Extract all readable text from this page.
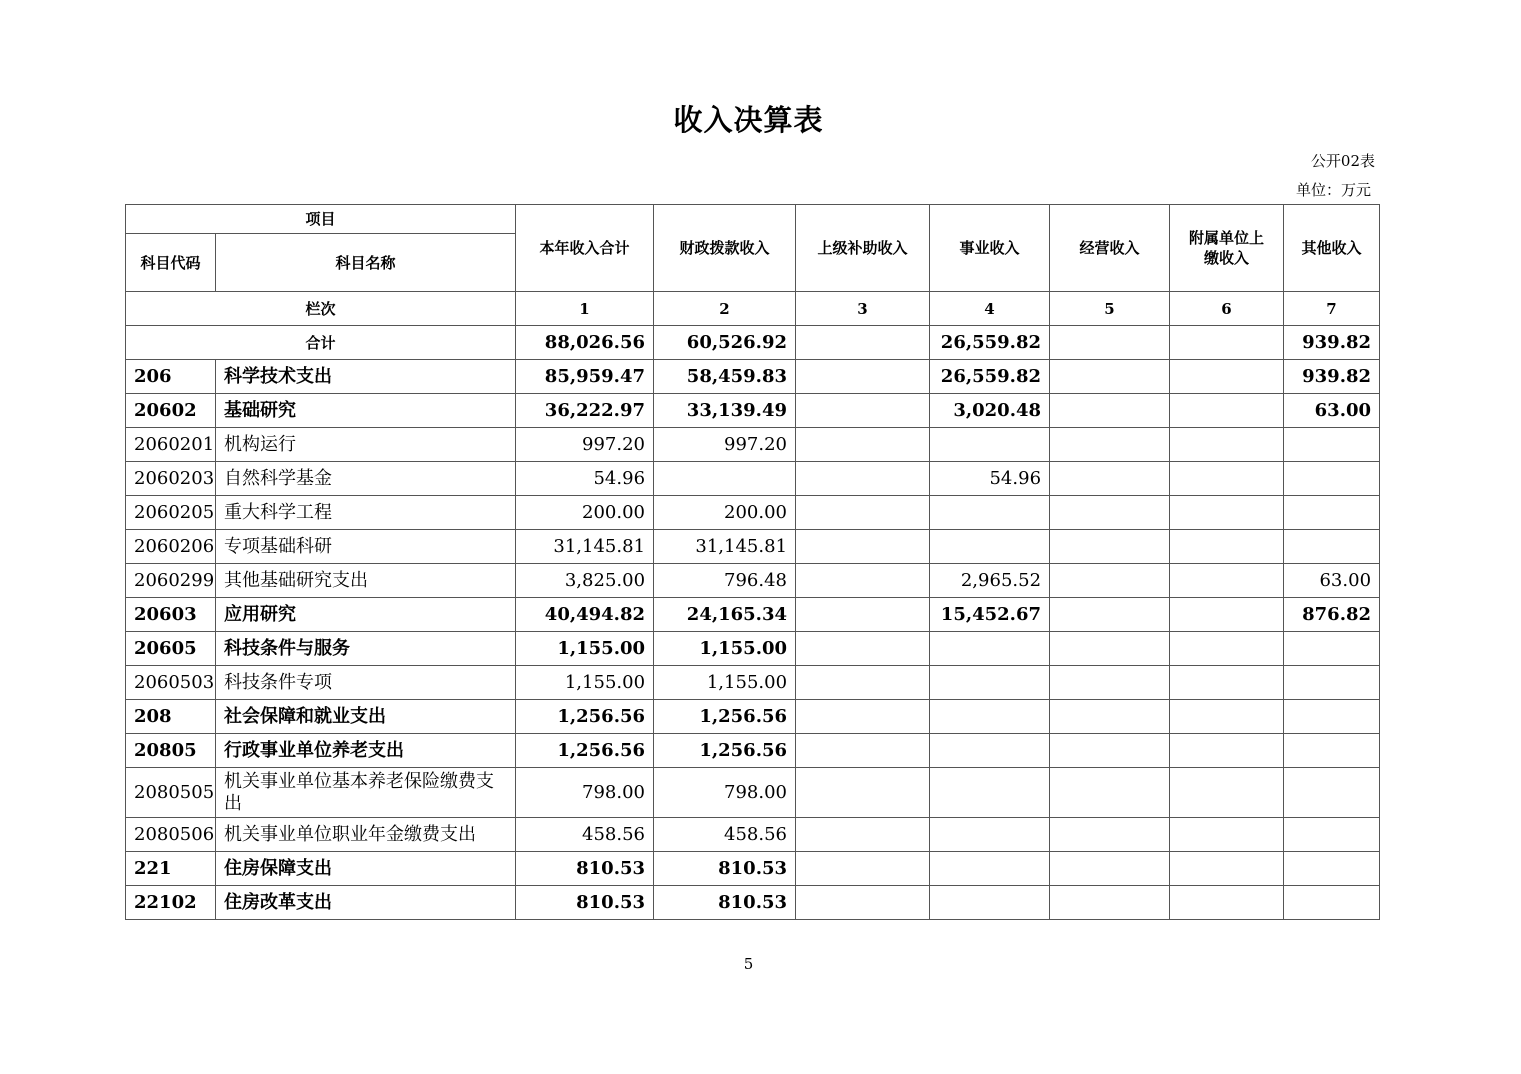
收入决算表
公开02表
单位：万元
项目		本年收入合计	财政拨款收入	上级补助收入	事业收入	经营收入	附属单位上缴收入	其他收入
科目代码	科目名称							
栏次		1	2	3	4	5	6	7
合计		88,026.56	60,526.92		26,559.82			939.82
206	科学技术支出	85,959.47	58,459.83		26,559.82			939.82
20602	基础研究	36,222.97	33,139.49		3,020.48			63.00
2060201	机构运行	997.20	997.20					
2060203	自然科学基金	54.96			54.96			
2060205	重大科学工程	200.00	200.00					
2060206	专项基础科研	31,145.81	31,145.81					
2060299	其他基础研究支出	3,825.00	796.48		2,965.52			63.00
20603	应用研究	40,494.82	24,165.34		15,452.67			876.82
20605	科技条件与服务	1,155.00	1,155.00					
2060503	科技条件专项	1,155.00	1,155.00					
208	社会保障和就业支出	1,256.56	1,256.56					
20805	行政事业单位养老支出	1,256.56	1,256.56					
2080505	机关事业单位基本养老保险缴费支出	798.00	798.00					
2080506	机关事业单位职业年金缴费支出	458.56	458.56					
221	住房保障支出	810.53	810.53					
22102	住房改革支出	810.53	810.53					
5
